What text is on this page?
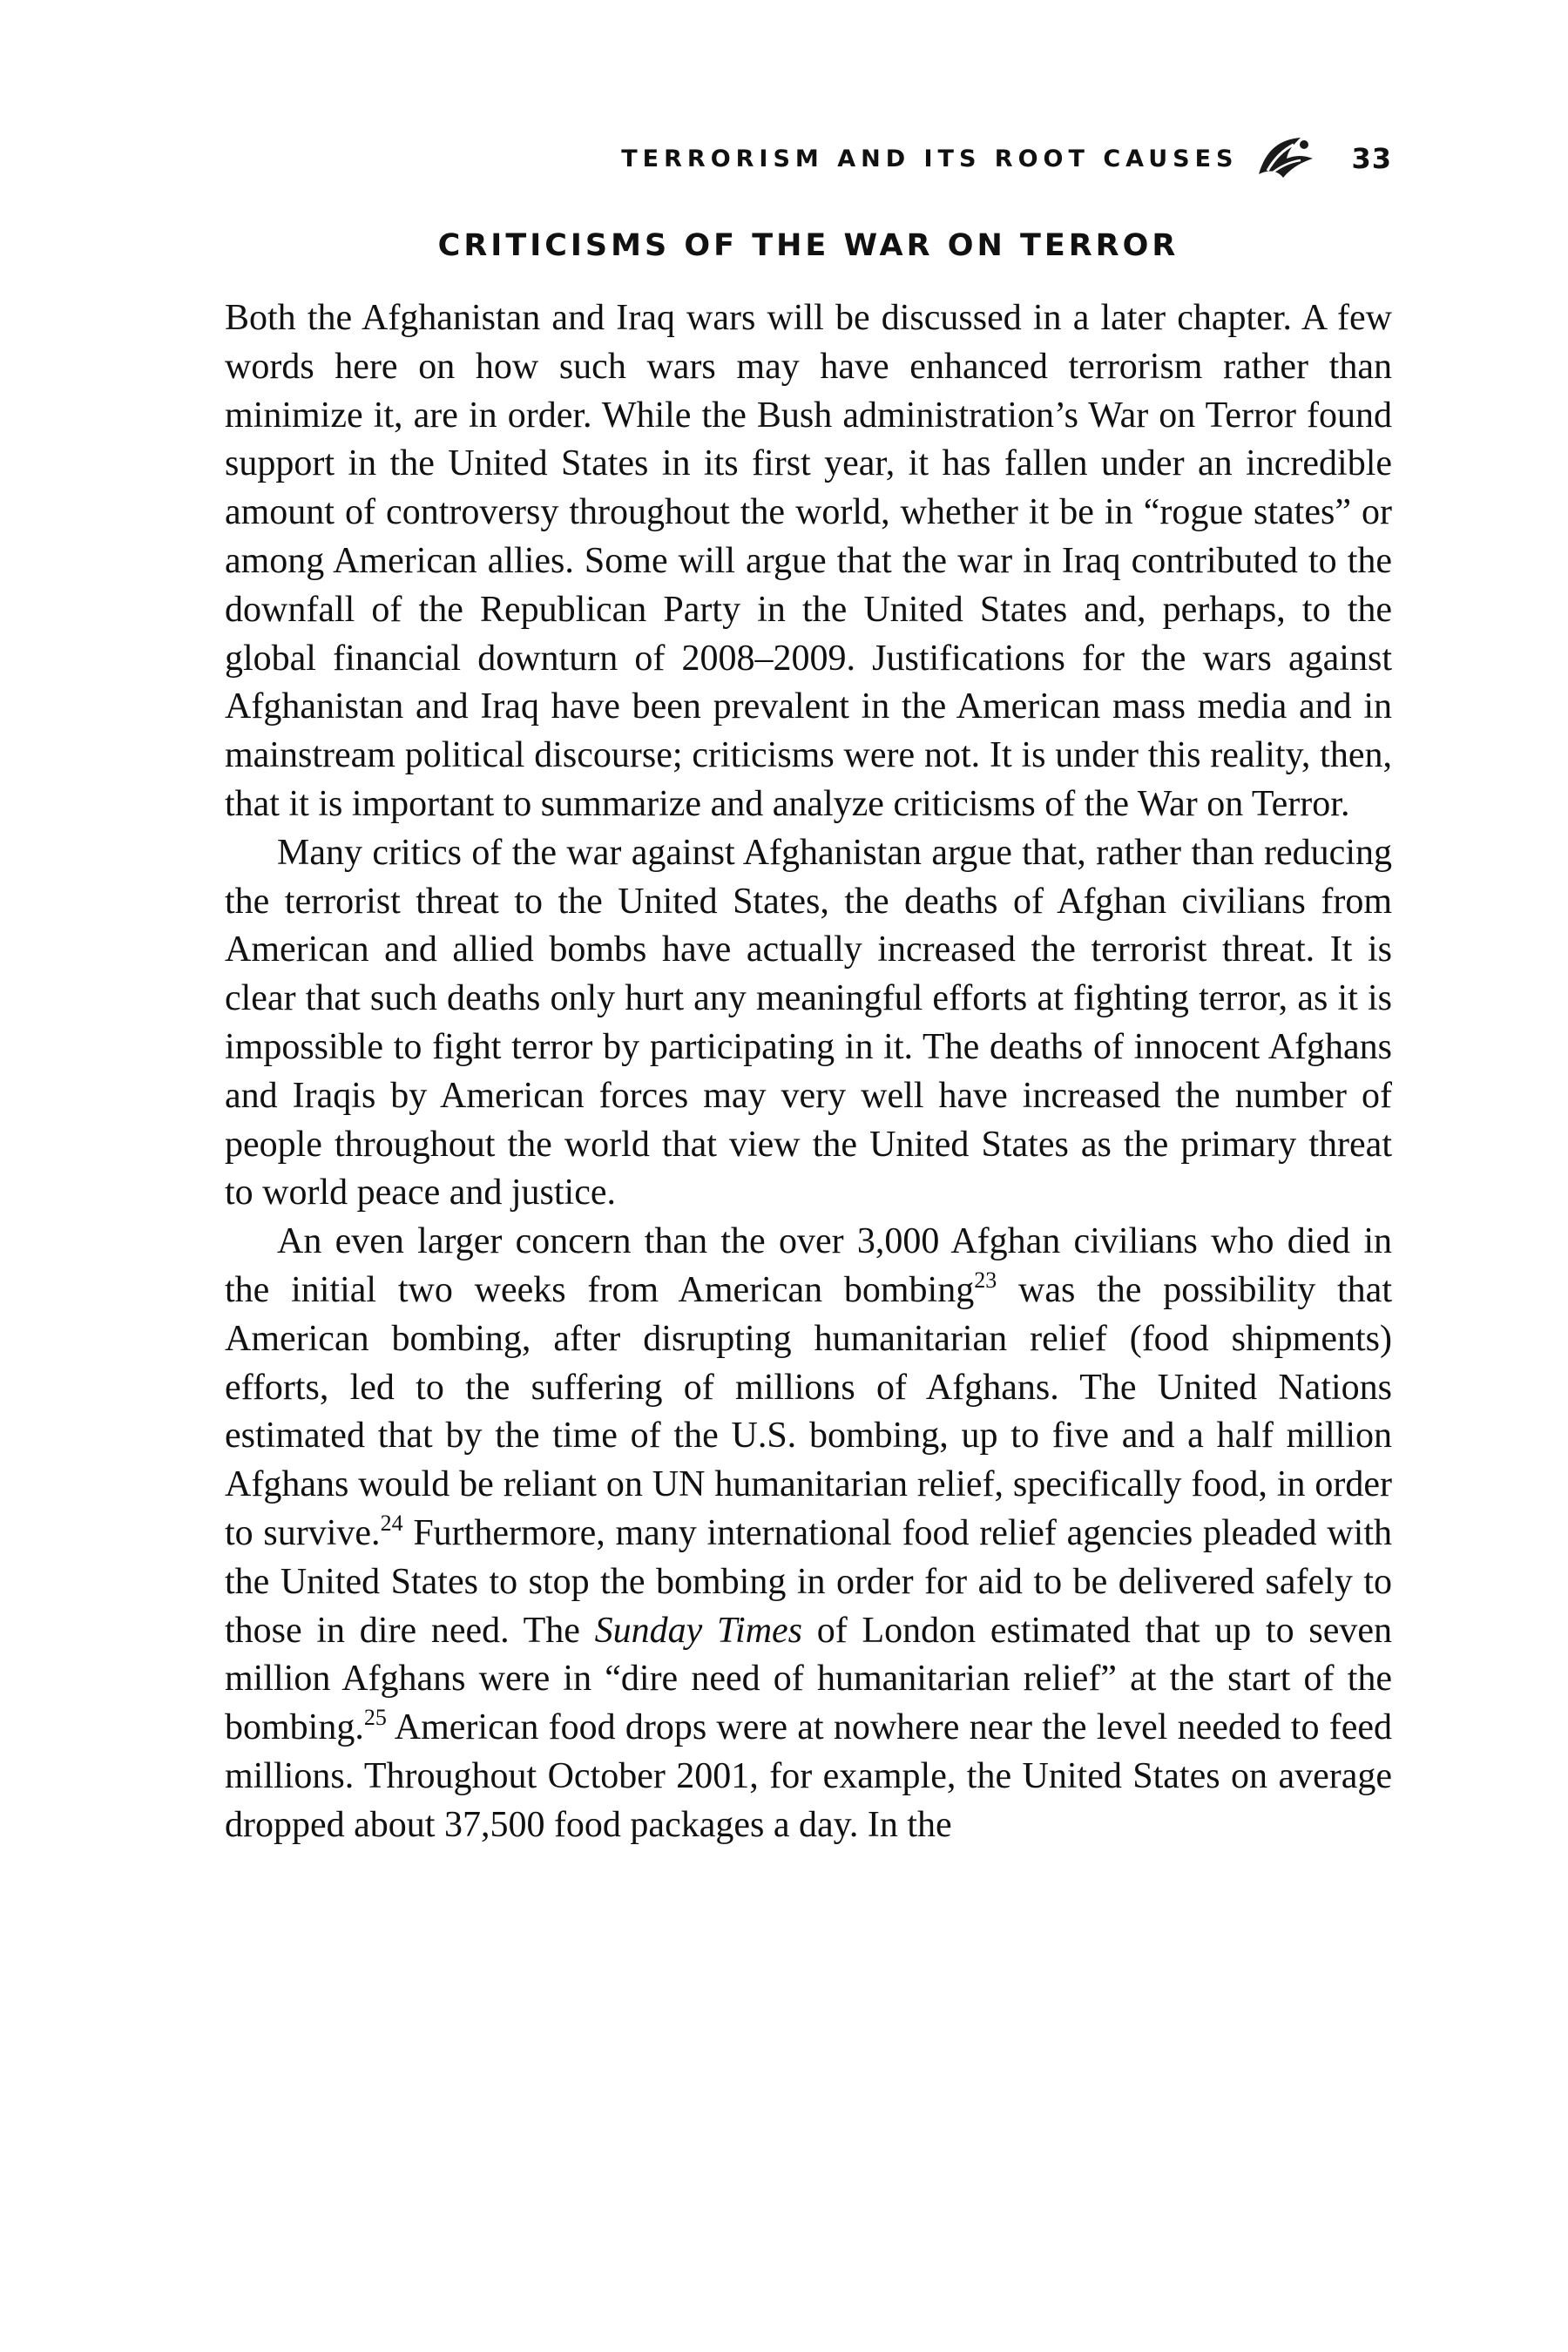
TERRORISM AND ITS ROOT CAUSES	33
CRITICISMS OF THE WAR ON TERROR

Both the Afghanistan and Iraq wars will be discussed in a later chapter. A few words here on how such wars may have enhanced terrorism rather than minimize it, are in order. While the Bush administration’s War on Terror found support in the United States in its first year, it has fallen under an incredible amount of controversy throughout the world, whether it be in “rogue states” or among American allies. Some will argue that the war in Iraq contributed to the downfall of the Republican Party in the United States and, perhaps, to the global financial downturn of 2008–2009. Justifications for the wars against Afghanistan and Iraq have been prevalent in the American mass media and in mainstream political discourse; criticisms were not. It is under this reality, then, that it is important to summarize and analyze criticisms of the War on Terror.

Many critics of the war against Afghanistan argue that, rather than reducing the terrorist threat to the United States, the deaths of Afghan civilians from American and allied bombs have actually increased the terrorist threat. It is clear that such deaths only hurt any meaningful efforts at fighting terror, as it is impossible to fight terror by participating in it. The deaths of innocent Afghans and Iraqis by American forces may very well have increased the number of people throughout the world that view the United States as the primary threat to world peace and justice.

An even larger concern than the over 3,000 Afghan civilians who died in the initial two weeks from American bombing$^{23}$ was the possibility that American bombing, after disrupting humanitarian relief (food shipments) efforts, led to the suffering of millions of Afghans. The United Nations estimated that by the time of the U.S. bombing, up to five and a half million Afghans would be reliant on UN humanitarian relief, specifically food, in order to survive.$^{24}$ Furthermore, many international food relief agencies pleaded with the United States to stop the bombing in order for aid to be delivered safely to those in dire need. The Sunday Times of London estimated that up to seven million Afghans were in “dire need of humanitarian relief” at the start of the bombing.$^{25}$ American food drops were at nowhere near the level needed to feed millions. Throughout October 2001, for example, the United States on average dropped about 37,500 food packages a day. In the
